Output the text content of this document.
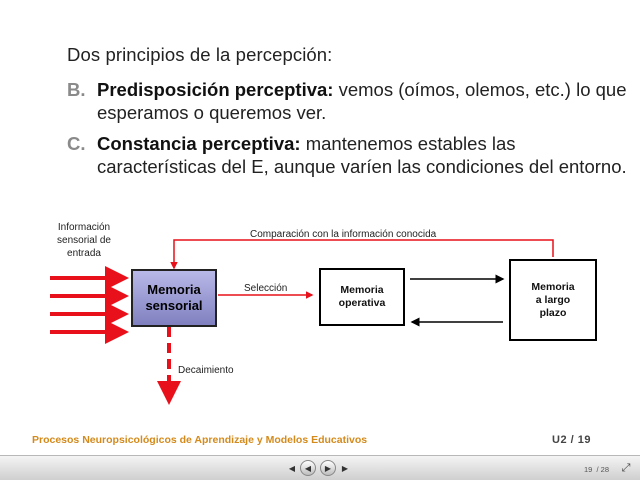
Dos principios de la percepción:
B. Predisposición perceptiva: vemos (oímos, olemos, etc.) lo que esperamos o queremos ver.
C. Constancia perceptiva: mantenemos estables las características del E, aunque varíen las condiciones del entorno.
Información
sensorial de
entrada
Comparación con la información conocida
Selección
Decaimiento
Memoria
sensorial
Memoria
operativa
Memoria
a largo
plazo
Procesos Neuropsicológicos de Aprendizaje y Modelos Educativos	U2 / 19
◀​	◀	▶	▶	19 / 28 ⤢
